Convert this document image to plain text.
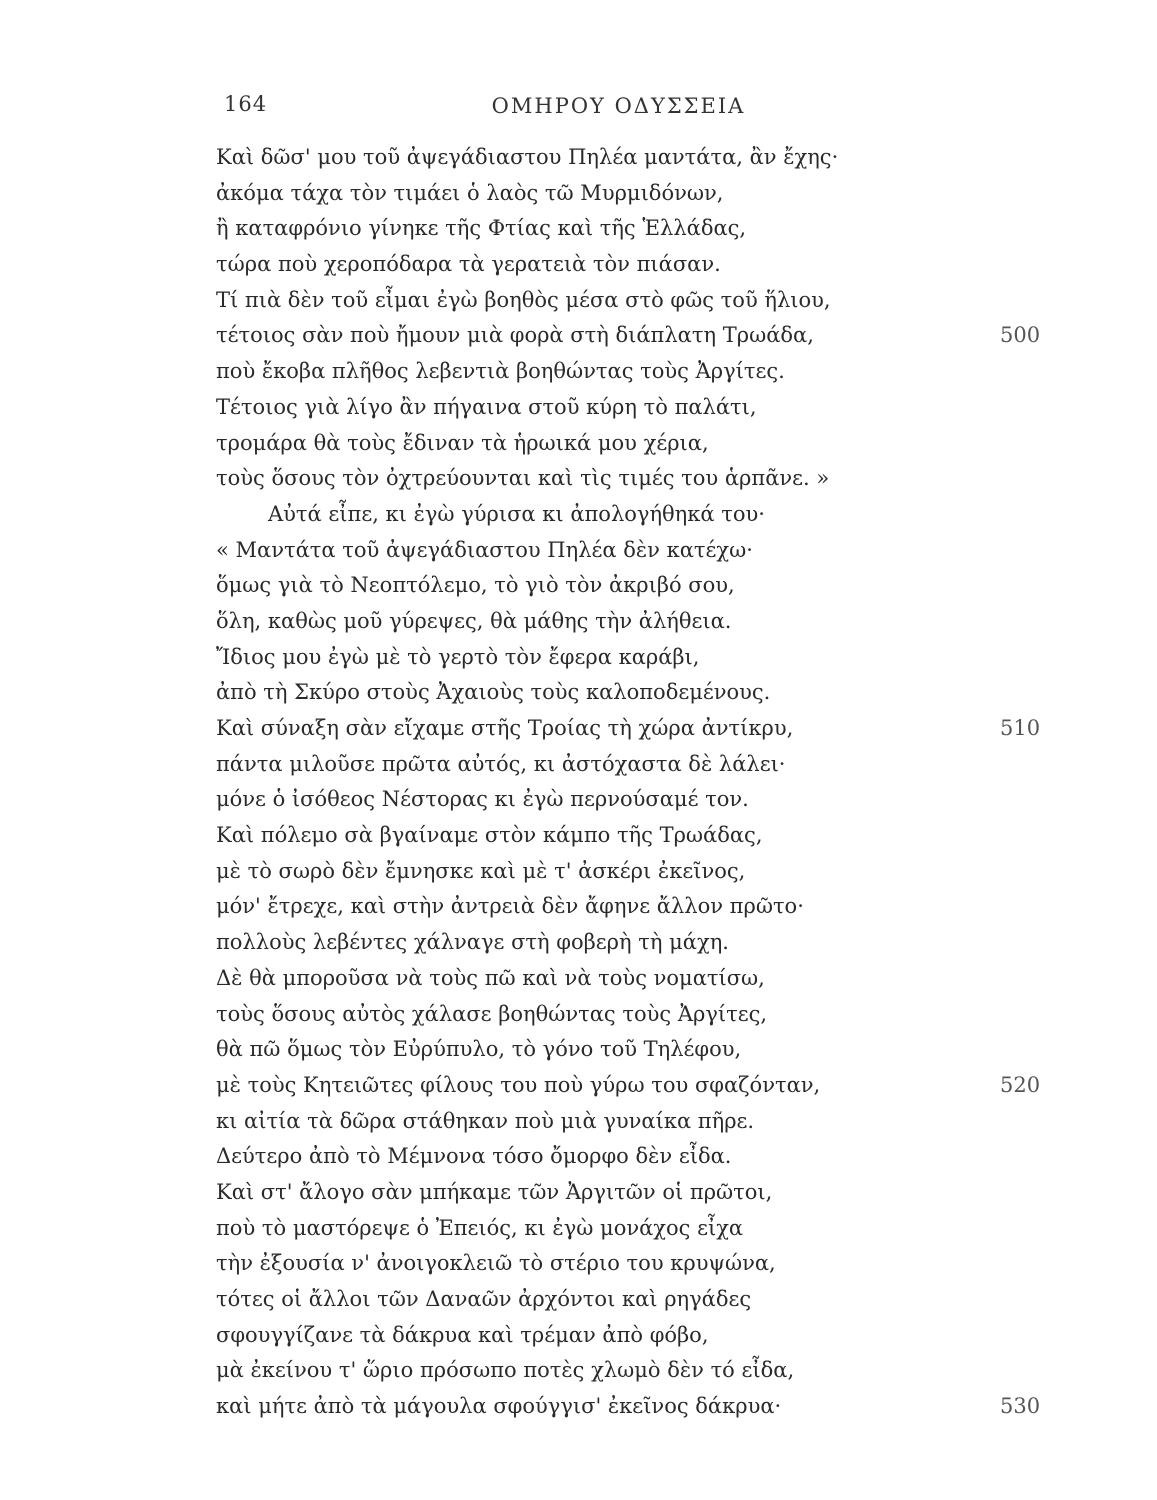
164	ΟΜΗΡΟΥ ΟΔΥΣΣΕΙΑ
Καὶ δῶσ' μου τοῦ ἀψεγάδιαστου Πηλέα μαντάτα, ἂν ἔχης·
ἀκόμα τάχα τὸν τιμάει ὁ λαὸς τῶ Μυρμιδόνων,
ἢ καταφρόνιο γίνηκε τῆς Φτίας καὶ τῆς Ἑλλάδας,
τώρα ποὺ χεροπόδαρα τὰ γερατειὰ τὸν πιάσαν.
Τί πιὰ δὲν τοῦ εἶμαι ἐγὼ βοηθὸς μέσα στὸ φῶς τοῦ ἥλιου,
τέτοιος σὰν ποὺ ἤμουν μιὰ φορὰ στὴ διάπλατη Τρωάδα,	500
ποὺ ἔκοβα πλῆθος λεβεντιὰ βοηθώντας τοὺς Ἀργίτες.
Τέτοιος γιὰ λίγο ἂν πήγαινα στοῦ κύρη τὸ παλάτι,
τρομάρα θὰ τοὺς ἔδιναν τὰ ἡρωικά μου χέρια,
τοὺς ὅσους τὸν ὀχτρεύουνται καὶ τὶς τιμές του ἁρπᾶνε. »
Αὐτά εἶπε, κι ἐγὼ γύρισα κι ἀπολογήθηκά του·
« Μαντάτα τοῦ ἀψεγάδιαστου Πηλέα δὲν κατέχω·
ὅμως γιὰ τὸ Νεοπτόλεμο, τὸ γιὸ τὸν ἀκριβό σου,
ὅλη, καθὼς μοῦ γύρεψες, θὰ μάθης τὴν ἀλήθεια.
Ἴδιος μου ἐγὼ μὲ τὸ γερτὸ τὸν ἔφερα καράβι,
ἀπὸ τὴ Σκύρο στοὺς Ἀχαιοὺς τοὺς καλοποδεμένους.
Καὶ σύναξη σὰν εἴχαμε στῆς Τροίας τὴ χώρα ἀντίκρυ,	510
πάντα μιλοῦσε πρῶτα αὐτός, κι ἀστόχαστα δὲ λάλει·
μόνε ὁ ἰσόθεος Νέστορας κι ἐγὼ περνούσαμέ τον.
Καὶ πόλεμο σὰ βγαίναμε στὸν κάμπο τῆς Τρωάδας,
μὲ τὸ σωρὸ δὲν ἔμνησκε καὶ μὲ τ' ἀσκέρι ἐκεῖνος,
μόν' ἔτρεχε, καὶ στὴν ἀντρειὰ δὲν ἄφηνε ἄλλον πρῶτο·
πολλοὺς λεβέντες χάλναγε στὴ φοβερὴ τὴ μάχη.
Δὲ θὰ μποροῦσα νὰ τοὺς πῶ καὶ νὰ τοὺς νοματίσω,
τοὺς ὅσους αὐτὸς χάλασε βοηθώντας τοὺς Ἀργίτες,
θὰ πῶ ὅμως τὸν Εὐρύπυλο, τὸ γόνο τοῦ Τηλέφου,
μὲ τοὺς Κητειῶτες φίλους του ποὺ γύρω του σφαζόνταν,	520
κι αἰτία τὰ δῶρα στάθηκαν ποὺ μιὰ γυναίκα πῆρε.
Δεύτερο ἀπὸ τὸ Μέμνονα τόσο ὄμορφο δὲν εἶδα.
Καὶ στ' ἄλογο σὰν μπήκαμε τῶν Ἀργιτῶν οἱ πρῶτοι,
ποὺ τὸ μαστόρεψε ὁ Ἐπειός, κι ἐγὼ μονάχος εἶχα
τὴν ἐξουσία ν' ἀνοιγοκλειῶ τὸ στέριο του κρυψώνα,
τότες οἱ ἄλλοι τῶν Δαναῶν ἀρχόντοι καὶ ρηγάδες
σφουγγίζανε τὰ δάκρυα καὶ τρέμαν ἀπὸ φόβο,
μὰ ἐκείνου τ' ὥριο πρόσωπο ποτὲς χλωμὸ δὲν τό εἶδα,
καὶ μήτε ἀπὸ τὰ μάγουλα σφούγγισ' ἐκεῖνος δάκρυα·	530
